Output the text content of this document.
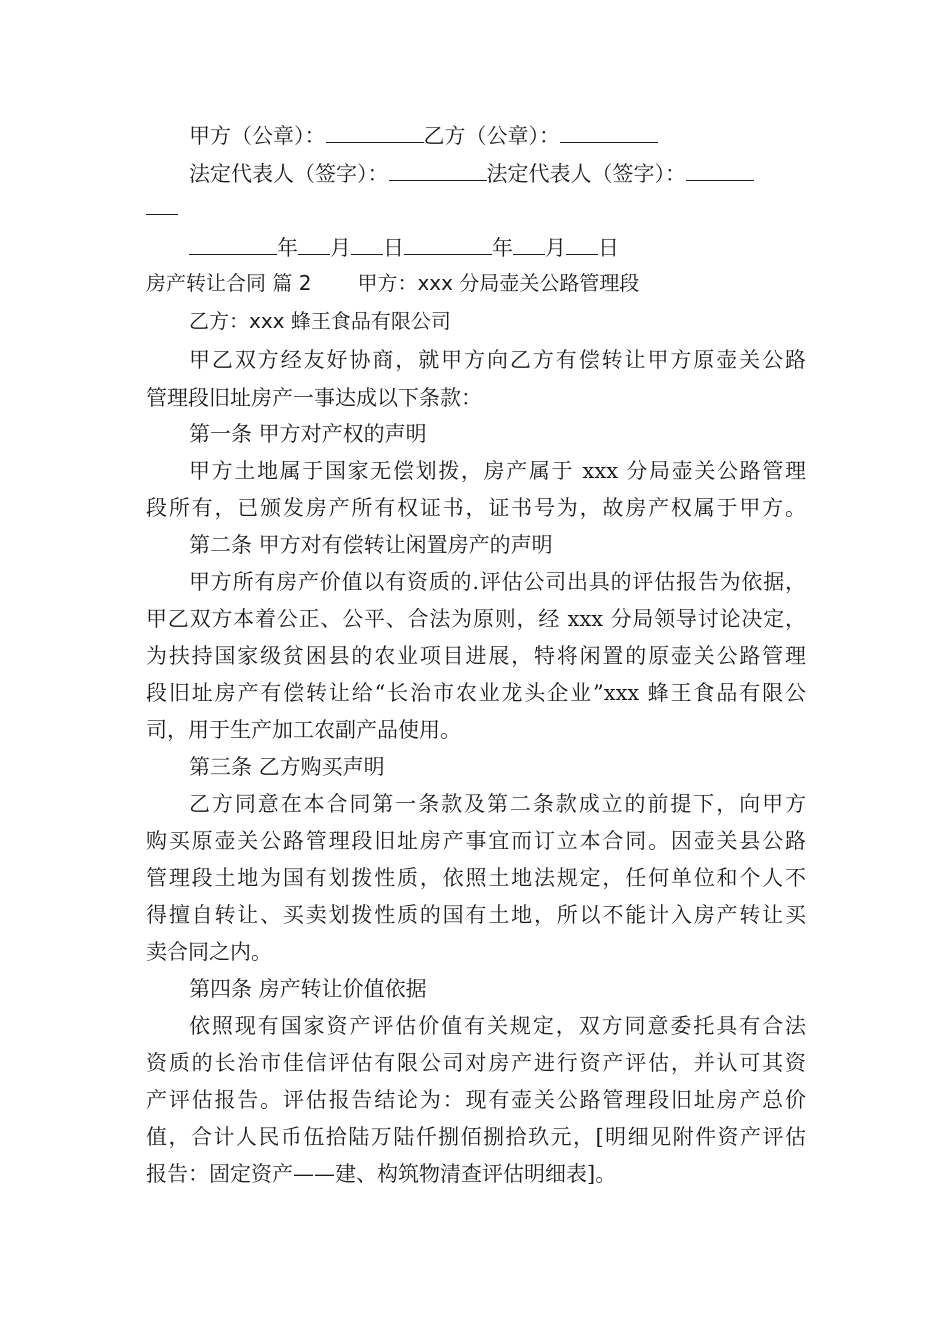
甲方（公章）：	乙方（公章）：
法定代表人（签字）：	法定代表人（签字）：
年 月 日	年 月 日
房产转让合同 篇 2 甲方：xxx 分局壶关公路管理段
乙方：xxx 蜂王食品有限公司
甲乙双方经友好协商，就甲方向乙方有偿转让甲方原壶关公路
管理段旧址房产一事达成以下条款：
第一条 甲方对产权的声明
甲方土地属于国家无偿划拨，房产属于 xxx 分局壶关公路管理
段所有，已颁发房产所有权证书，证书号为，故房产权属于甲方。
第二条 甲方对有偿转让闲置房产的声明
甲方所有房产价值以有资质的.评估公司出具的评估报告为依据，
甲乙双方本着公正、公平、合法为原则，经 xxx 分局领导讨论决定，
为扶持国家级贫困县的农业项目进展，特将闲置的原壶关公路管理
段旧址房产有偿转让给“长治市农业龙头企业”xxx 蜂王食品有限公
司，用于生产加工农副产品使用。
第三条 乙方购买声明
乙方同意在本合同第一条款及第二条款成立的前提下，向甲方
购买原壶关公路管理段旧址房产事宜而订立本合同。因壶关县公路
管理段土地为国有划拨性质，依照土地法规定，任何单位和个人不
得擅自转让、买卖划拨性质的国有土地，所以不能计入房产转让买
卖合同之内。
第四条 房产转让价值依据
依照现有国家资产评估价值有关规定，双方同意委托具有合法
资质的长治市佳信评估有限公司对房产进行资产评估，并认可其资
产评估报告。评估报告结论为：现有壶关公路管理段旧址房产总价
值，合计人民币伍拾陆万陆仟捌佰捌拾玖元，[明细见附件资产评估
报告：固定资产——建、构筑物清查评估明细表]。
